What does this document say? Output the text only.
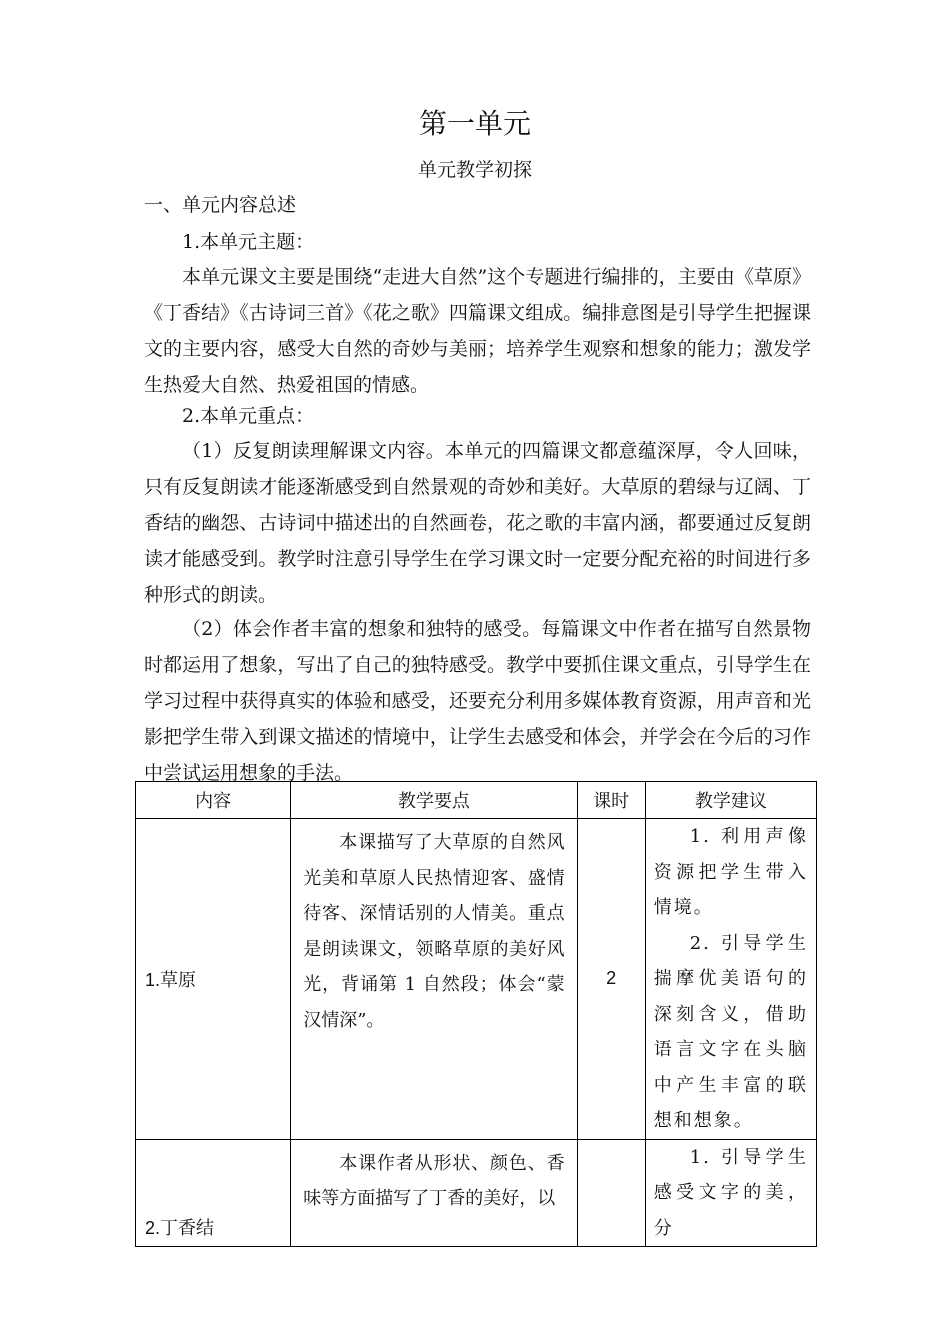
第一单元
单元教学初探
一、单元内容总述
1.本单元主题：
本单元课文主要是围绕“走进大自然”这个专题进行编排的，主要由《草原》《丁香结》《古诗词三首》《花之歌》四篇课文组成。编排意图是引导学生把握课文的主要内容，感受大自然的奇妙与美丽；培养学生观察和想象的能力；激发学生热爱大自然、热爱祖国的情感。
2.本单元重点：
（1）反复朗读理解课文内容。本单元的四篇课文都意蕴深厚，令人回味，只有反复朗读才能逐渐感受到自然景观的奇妙和美好。大草原的碧绿与辽阔、丁香结的幽怨、古诗词中描述出的自然画卷，花之歌的丰富内涵，都要通过反复朗读才能感受到。教学时注意引导学生在学习课文时一定要分配充裕的时间进行多种形式的朗读。
（2）体会作者丰富的想象和独特的感受。每篇课文中作者在描写自然景物时都运用了想象，写出了自己的独特感受。教学中要抓住课文重点，引导学生在学习过程中获得真实的体验和感受，还要充分利用多媒体教育资源，用声音和光影把学生带入到课文描述的情境中，让学生去感受和体会，并学会在今后的习作中尝试运用想象的手法。
内容	教学要点	课时	教学建议
1.草原	本课描写了大草原的自然风光美和草原人民热情迎客、盛情待客、深情话别的人情美。重点是朗读课文，领略草原的美好风光，背诵第 1 自然段；体会“蒙汉情深”。	2	1. 利用声像资源把学生带入情境。

2. 引导学生揣摩优美语句的深刻含义，借助语言文字在头脑中产生丰富的联想和想象。

2.丁香结	本课作者从形状、颜色、香味等方面描写了丁香的美好，以		1. 引导学生感受文字的美，分
